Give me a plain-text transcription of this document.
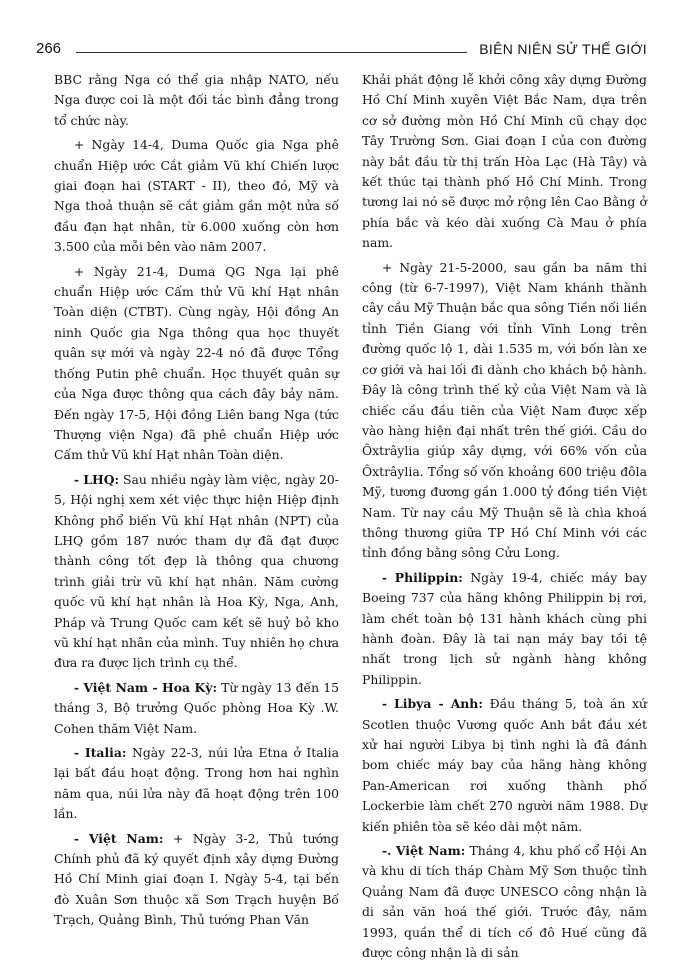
266	BIÊN NIÊN SỬ THẾ GIỚI

BBC rằng Nga có thể gia nhập NATO, nếu Nga được coi là một đối tác bình đẳng trong tổ chức này.

+ Ngày 14-4, Duma Quốc gia Nga phê chuẩn Hiệp ước Cắt giảm Vũ khí Chiến lược giai đoạn hai (START - II), theo đó, Mỹ và Nga thoả thuận sẽ cắt giảm gần một nửa số đầu đạn hạt nhân, từ 6.000 xuống còn hơn 3.500 của mỗi bên vào năm 2007.

+ Ngày 21-4, Duma QG Nga lại phê chuẩn Hiệp ước Cấm thử Vũ khí Hạt nhân Toàn diện (CTBT). Cùng ngày, Hội đồng An ninh Quốc gia Nga thông qua học thuyết quân sự mới và ngày 22-4 nó đã được Tổng thống Putin phê chuẩn. Học thuyết quân sự của Nga được thông qua cách đây bảy năm. Đến ngày 17-5, Hội đồng Liên bang Nga (tức Thượng viện Nga) đã phê chuẩn Hiệp ước Cấm thử Vũ khí Hạt nhân Toàn diện.

- LHQ: Sau nhiều ngày làm việc, ngày 20-5, Hội nghị xem xét việc thực hiện Hiệp định Không phổ biến Vũ khí Hạt nhân (NPT) của LHQ gồm 187 nước tham dự đã đạt được thành công tốt đẹp là thông qua chương trình giải trừ vũ khí hạt nhân. Năm cường quốc vũ khí hạt nhân là Hoa Kỳ, Nga, Anh, Pháp và Trung Quốc cam kết sẽ huỷ bỏ kho vũ khí hạt nhân của mình. Tuy nhiên họ chưa đưa ra được lịch trình cụ thể.

- Việt Nam - Hoa Kỳ: Từ ngày 13 đến 15 tháng 3, Bộ trưởng Quốc phòng Hoa Kỳ .W. Cohen thăm Việt Nam.

- Italia: Ngày 22-3, núi lửa Etna ở Italia lại bất đầu hoạt động. Trong hơn hai nghìn năm qua, núi lửa này đã hoạt động trên 100 lần.

- Việt Nam: + Ngày 3-2, Thủ tướng Chính phủ đã ký quyết định xây dựng Đường Hồ Chí Minh giai đoạn I. Ngày 5-4, tại bến đò Xuân Sơn thuộc xã Sơn Trạch huyện Bố Trạch, Quảng Bình, Thủ tướng Phan Văn

Khải phát động lễ khởi công xây dựng Đường Hồ Chí Minh xuyên Việt Bắc Nam, dựa trên cơ sở đường mòn Hồ Chí Minh cũ chạy dọc Tây Trường Sơn. Giai đoạn I của con đường này bắt đầu từ thị trấn Hòa Lạc (Hà Tây) và kết thúc tại thành phố Hồ Chí Minh. Trong tương lai nó sẽ được mở rộng lên Cao Bằng ở phía bắc và kéo dài xuống Cà Mau ở phía nam.

+ Ngày 21-5-2000, sau gần ba năm thi công (từ 6-7-1997), Việt Nam khánh thành cây cầu Mỹ Thuận bắc qua sông Tiền nối liền tỉnh Tiền Giang với tỉnh Vĩnh Long trên đường quốc lộ 1, dài 1.535 m, với bốn làn xe cơ giới và hai lối đi dành cho khách bộ hành. Đây là công trình thế kỷ của Việt Nam và là chiếc cầu đầu tiên của Việt Nam được xếp vào hàng hiện đại nhất trên thế giới. Cầu do Ôxtrâylia giúp xây dựng, với 66% vốn của Ôxtrâylia. Tổng số vốn khoảng 600 triệu đôla Mỹ, tương đương gần 1.000 tỷ đồng tiền Việt Nam. Từ nay cầu Mỹ Thuận sẽ là chìa khoá thông thương giữa TP Hồ Chí Minh với các tỉnh đồng bằng sông Cửu Long.

- Philippin: Ngày 19-4, chiếc máy bay Boeing 737 của hãng không Philippin bị rơi, làm chết toàn bộ 131 hành khách cùng phi hành đoàn. Đây là tai nạn máy bay tồi tệ nhất trong lịch sử ngành hàng không Philippin.

- Libya - Anh: Đầu tháng 5, toà án xứ Scotlen thuộc Vương quốc Anh bắt đầu xét xử hai người Libya bị tình nghi là đã đánh bom chiếc máy bay của hãng hàng không Pan-American rơi xuống thành phố Lockerbie làm chết 270 người năm 1988. Dự kiến phiên tòa sẽ kéo dài một năm.

-. Việt Nam: Tháng 4, khu phố cổ Hội An và khu di tích tháp Chàm Mỹ Sơn thuộc tỉnh Quảng Nam đã được UNESCO công nhận là di sản văn hoá thế giới. Trước đây, năm 1993, quần thể di tích cố đô Huế cũng đã được công nhận là di sản
